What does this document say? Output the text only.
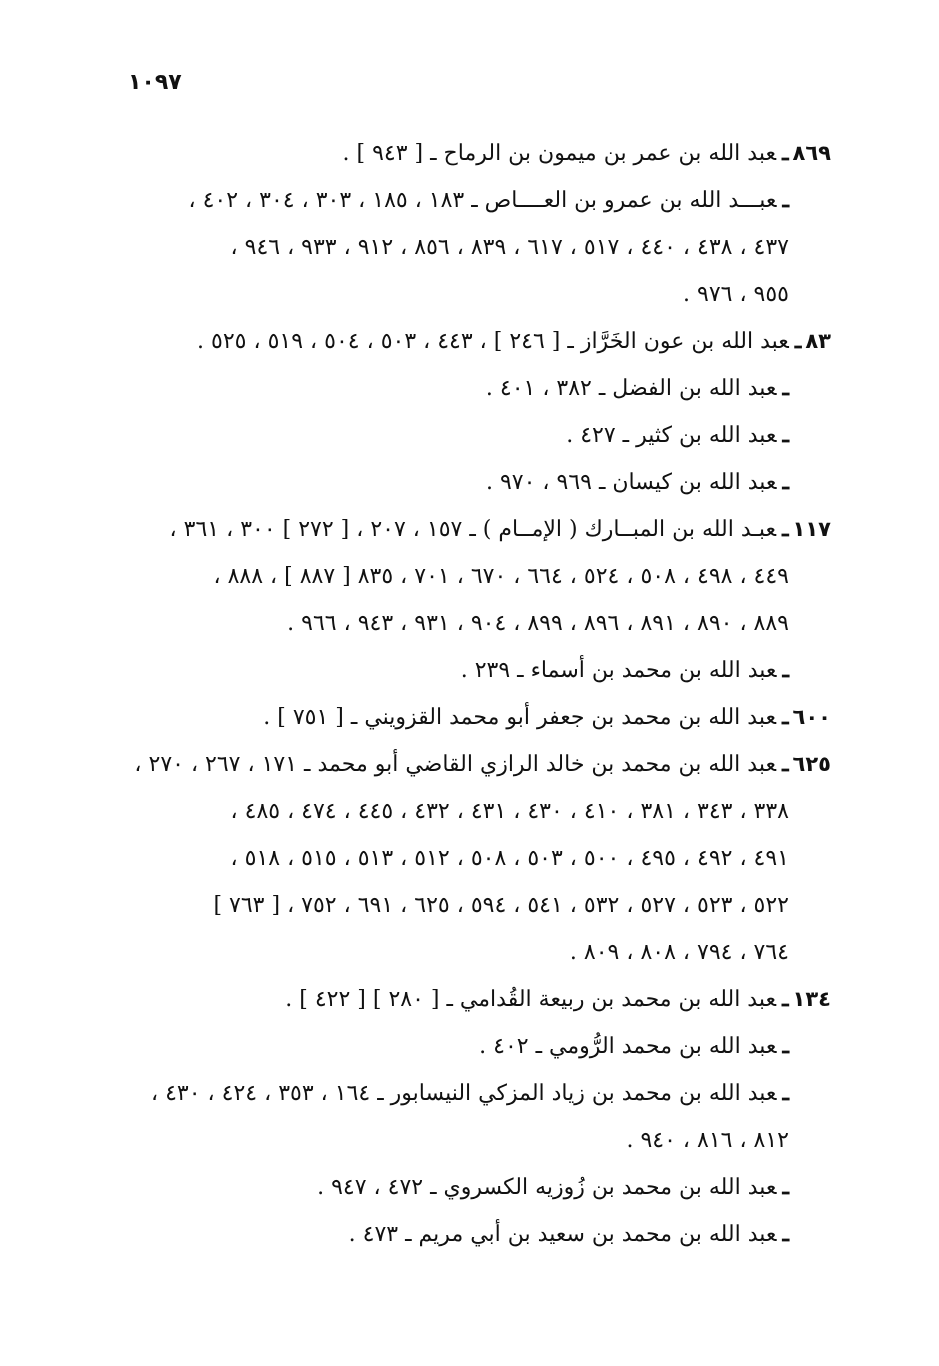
١٠٩٧
٨٦٩ـعبد الله بن عمر بن ميمون بن الرماح ـ [ ٩٤٣ ] .
ـعبـــد الله بن عمرو بن العــــاص ـ ١٨٣ ، ١٨٥ ، ٣٠٣ ، ٣٠٤ ، ٤٠٢ ،
٤٣٧ ، ٤٣٨ ، ٤٤٠ ، ٥١٧ ، ٦١٧ ، ٨٣٩ ، ٨٥٦ ، ٩١٢ ، ٩٣٣ ، ٩٤٦ ،
٩٥٥ ، ٩٧٦ .
٨٣ـعبد الله بن عون الخَرَّاز ـ [ ٢٤٦ ] ، ٤٤٣ ، ٥٠٣ ، ٥٠٤ ، ٥١٩ ، ٥٢٥ .
ـعبد الله بن الفضل ـ ٣٨٢ ، ٤٠١ .
ـعبد الله بن كثير ـ ٤٢٧ .
ـعبد الله بن كيسان ـ ٩٦٩ ، ٩٧٠ .
١١٧ـعبـد الله بن المبــارك ( الإمــام ) ـ ١٥٧ ، ٢٠٧ ، [ ٢٧٢ ] ٣٠٠ ، ٣٦١ ،
٤٤٩ ، ٤٩٨ ، ٥٠٨ ، ٥٢٤ ، ٦٦٤ ، ٦٧٠ ، ٧٠١ ، ٨٣٥ [ ٨٨٧ ] ، ٨٨٨ ،
٨٨٩ ، ٨٩٠ ، ٨٩١ ، ٨٩٦ ، ٨٩٩ ، ٩٠٤ ، ٩٣١ ، ٩٤٣ ، ٩٦٦ .
ـعبد الله بن محمد بن أسماء ـ ٢٣٩ .
٦٠٠ـعبد الله بن محمد بن جعفر أبو محمد القزويني ـ [ ٧٥١ ] .
٦٢٥ـعبد الله بن محمد بن خالد الرازي القاضي أبو محمد ـ ١٧١ ، ٢٦٧ ، ٢٧٠ ،
٣٣٨ ، ٣٤٣ ، ٣٨١ ، ٤١٠ ، ٤٣٠ ، ٤٣١ ، ٤٣٢ ، ٤٤٥ ، ٤٧٤ ، ٤٨٥ ،
٤٩١ ، ٤٩٢ ، ٤٩٥ ، ٥٠٠ ، ٥٠٣ ، ٥٠٨ ، ٥١٢ ، ٥١٣ ، ٥١٥ ، ٥١٨ ،
٥٢٢ ، ٥٢٣ ، ٥٢٧ ، ٥٣٢ ، ٥٤١ ، ٥٩٤ ، ٦٢٥ ، ٦٩١ ، ٧٥٢ ، [ ٧٦٣ ]
٧٦٤ ، ٧٩٤ ، ٨٠٨ ، ٨٠٩ .
١٣٤ـعبد الله بن محمد بن ربيعة القُدامي ـ [ ٢٨٠ ] [ ٤٢٢ ] .
ـعبد الله بن محمد الرُّومي ـ ٤٠٢ .
ـعبد الله بن محمد بن زياد المزكي النيسابور ـ ١٦٤ ، ٣٥٣ ، ٤٢٤ ، ٤٣٠ ،
٨١٢ ، ٨١٦ ، ٩٤٠ .
ـعبد الله بن محمد بن زُوزيه الكسروي ـ ٤٧٢ ، ٩٤٧ .
ـعبد الله بن محمد بن سعيد بن أبي مريم ـ ٤٧٣ .
